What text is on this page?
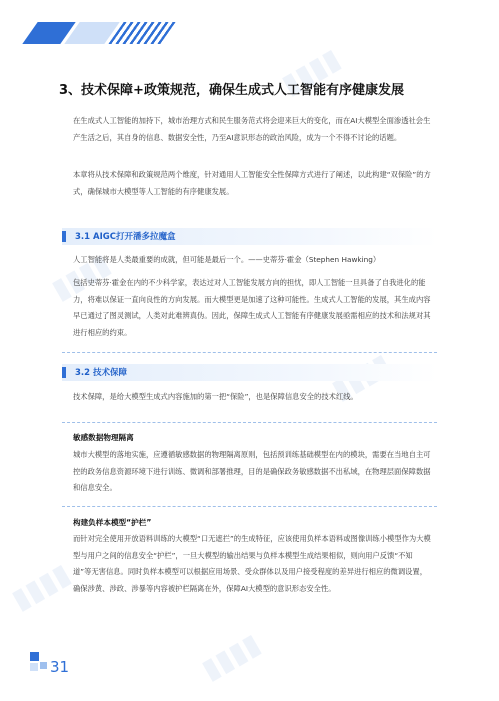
▮▮▮▮
▮▮▮▮
▮▮▮▮
▮▮▮▮
3、技术保障+政策规范，确保生成式人工智能有序健康发展

在生成式人工智能的加持下，城市治理方式和民生服务范式将会迎来巨大的变化，而在AI大模型全面渗透社会生产生活之后，其自身的信息、数据安全性，乃至AI意识形态的政治风险，成为一个不得不讨论的话题。

本章将从技术保障和政策规范两个维度，针对通用人工智能安全性保障方式进行了阐述，以此构建“双保险”的方式，确保城市大模型等人工智能的有序健康发展。

3.1 AIGC打开潘多拉魔盒

人工智能将是人类最重要的成就，但可能是最后一个。——史蒂芬·霍金（Stephen Hawking）

包括史蒂芬·霍金在内的不少科学家，表达过对人工智能发展方向的担忧，即人工智能一旦具备了自我进化的能力，将难以保证一直向良性的方向发展。而大模型更是加速了这种可能性。生成式人工智能的发展，其生成内容早已通过了图灵测试，人类对此难辨真伪。因此，保障生成式人工智能有序健康发展亟需相应的技术和法规对其进行相应的约束。

3.2 技术保障

技术保障，是给大模型生成式内容施加的第一把“保险”，也是保障信息安全的技术红线。

敏感数据物理隔离

城市大模型的落地实施，应遵循敏感数据的物理隔离原则，包括预训练基础模型在内的模块，需要在当地自主可控的政务信息资源环境下进行训练、微调和部署推理，目的是确保政务敏感数据不出私域，在物理层面保障数据和信息安全。

构建负样本模型“护栏”

而针对完全使用开放语料训练的大模型“口无遮拦”的生成特征，应该使用负样本语料或图像训练小模型作为大模型与用户之间的信息安全“护栏”，一旦大模型的输出结果与负样本模型生成结果相似，则向用户反馈“不知道”等无害信息。同时负样本模型可以根据应用场景、受众群体以及用户接受程度的差异进行相应的微调设置，确保涉黄、涉政、涉暴等内容被护栏隔离在外，保障AI大模型的意识形态安全性。

31
